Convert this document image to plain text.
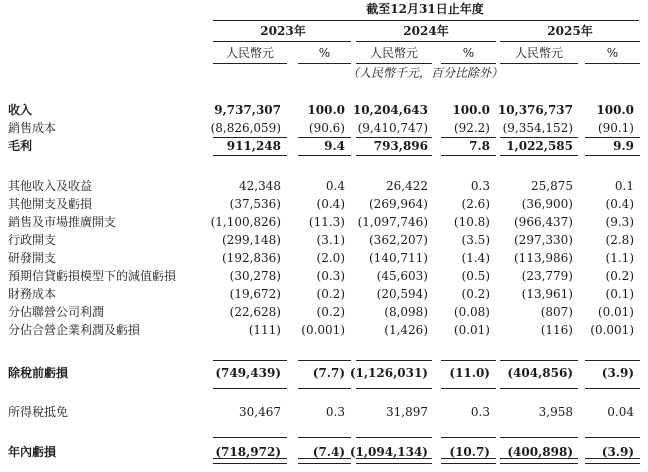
截至12月31日止年度
2023年	2024年	2025年
人民幣元	%	人民幣元	%	人民幣元	%
（人民幣千元，百分比除外）
收入	9,737,307	100.0 10,204,643	100.0 10,376,737	100.0
銷售成本	(8,826,059)	(90.6)	(9,410,747)	(92.2)	(9,354,152)	(90.1)
毛利	911,248	9.4	793,896	7.8	1,022,585	9.9
其他收入及收益	42,348	0.4	26,422	0.3	25,875	0.1
其他開支及虧損	(37,536)	(0.4)	(269,964)	(2.6)	(36,900)	(0.4)
銷售及市場推廣開支	(1,100,826)	(11.3)	(1,097,746)	(10.8)	(966,437)	(9.3)
行政開支	(299,148)	(3.1)	(362,207)	(3.5)	(297,330)	(2.8)
研發開支	(192,836)	(2.0)	(140,711)	(1.4)	(113,986)	(1.1)
預期信貸虧損模型下的減值虧損	(30,278)	(0.3)	(45,603)	(0.5)	(23,779)	(0.2)
財務成本	(19,672)	(0.2)	(20,594)	(0.2)	(13,961)	(0.1)
分佔聯營公司利潤	(22,628)	(0.2)	(8,098)	(0.08)	(807)	(0.01)
分佔合營企業利潤及虧損	(111)	(0.001)	(1,426)	(0.01)	(116)	(0.001)
除稅前虧損	(749,439)	(7.7) (1,126,031)	(11.0)	(404,856)	(3.9)
所得稅抵免	30,467	0.3	31,897	0.3	3,958	0.04
年內虧損	(718,972)	(7.4) (1,094,134)	(10.7)	(400,898)	(3.9)
